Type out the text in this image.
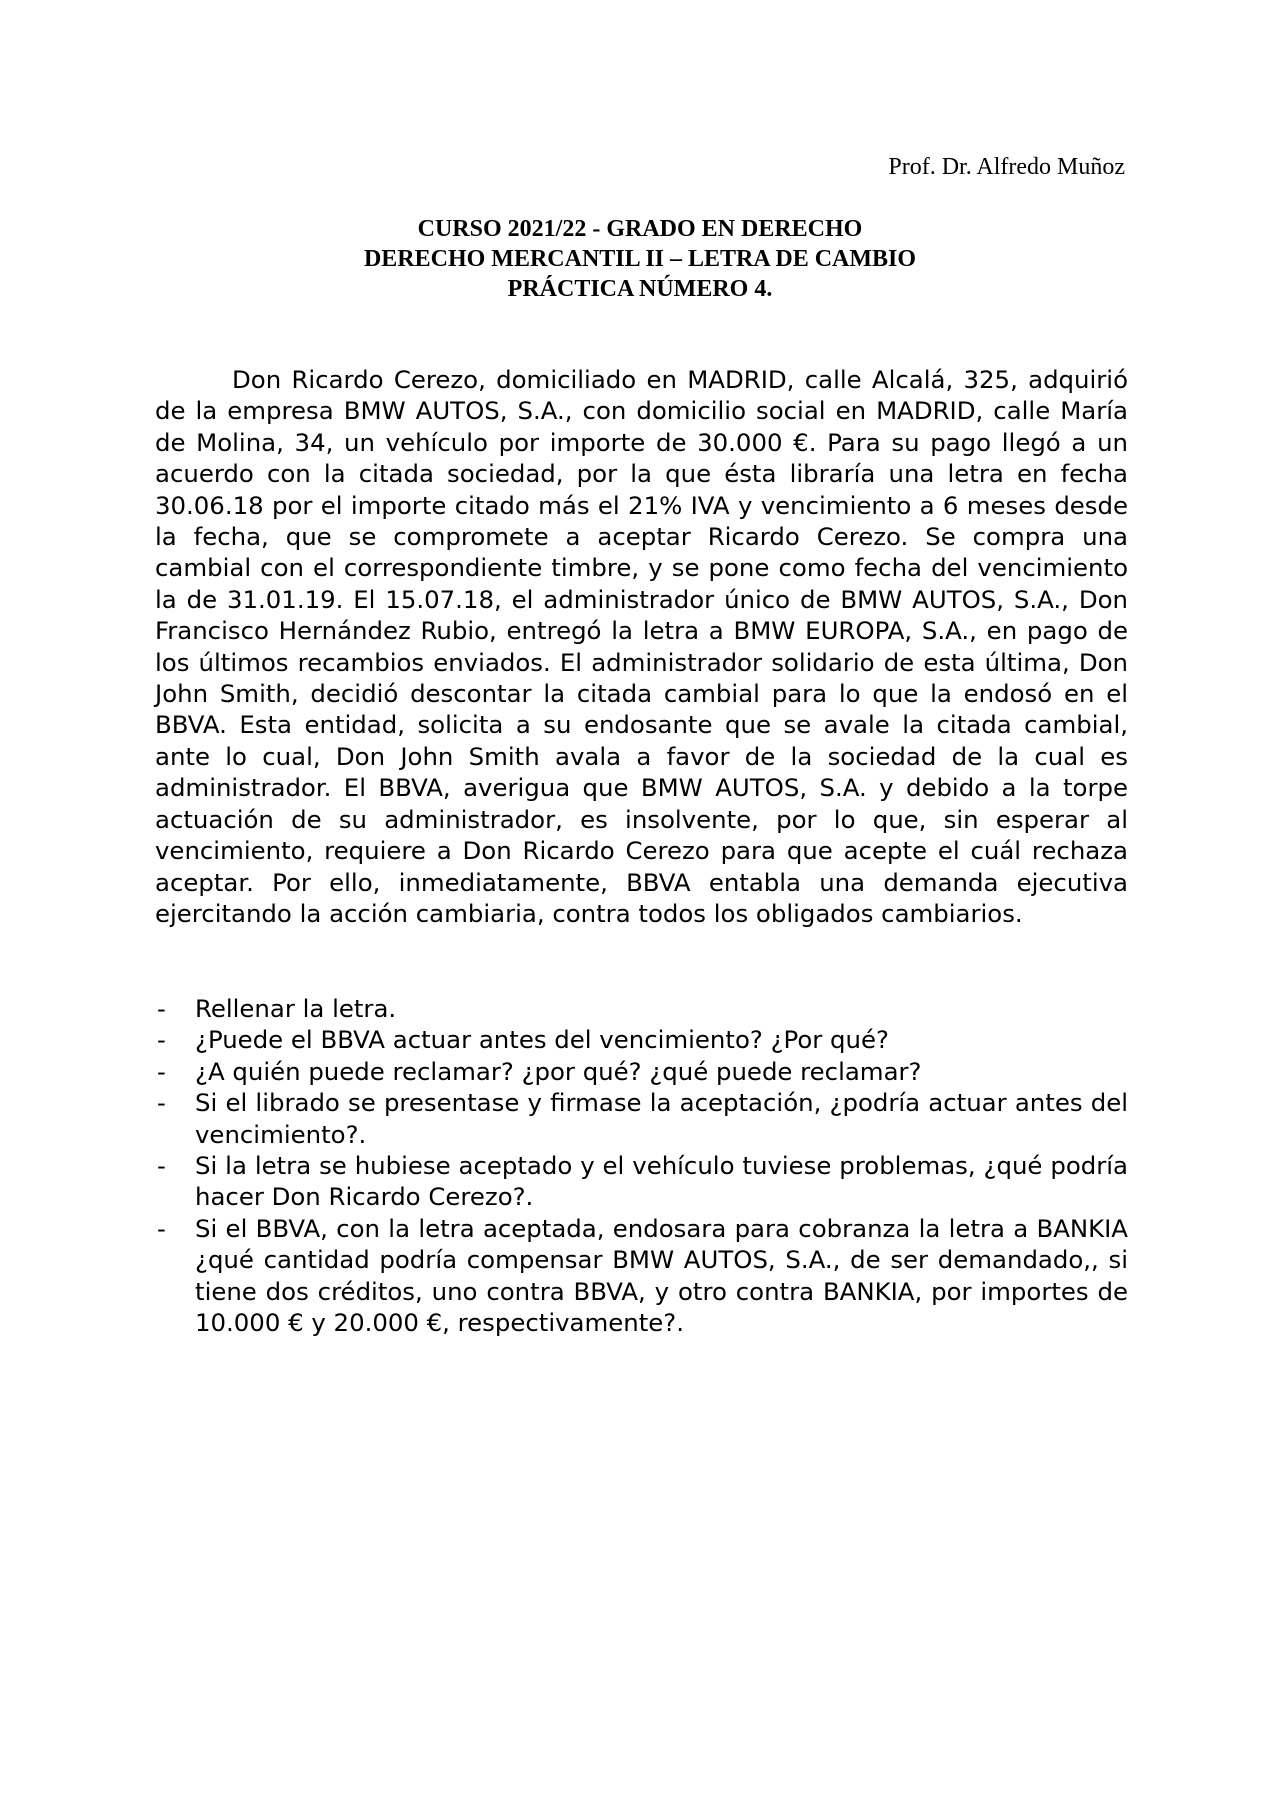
Prof. Dr. Alfredo Muñoz
CURSO 2021/22 - GRADO EN DERECHO
DERECHO MERCANTIL II – LETRA DE CAMBIO
PRÁCTICA NÚMERO 4.

Don Ricardo Cerezo, domiciliado en MADRID, calle Alcalá, 325, adquirió de la empresa BMW AUTOS, S.A., con domicilio social en MADRID, calle María de Molina, 34, un vehículo por importe de 30.000 €. Para su pago llegó a un acuerdo con la citada sociedad, por la que ésta libraría una letra en fecha 30.06.18 por el importe citado más el 21% IVA y vencimiento a 6 meses desde la fecha, que se compromete a aceptar Ricardo Cerezo. Se compra una cambial con el correspondiente timbre, y se pone como fecha del vencimiento la de 31.01.19. El 15.07.18, el administrador único de BMW AUTOS, S.A., Don Francisco Hernández Rubio, entregó la letra a BMW EUROPA, S.A., en pago de los últimos recambios enviados. El administrador solidario de esta última, Don John Smith, decidió descontar la citada cambial para lo que la endosó en el BBVA. Esta entidad, solicita a su endosante que se avale la citada cambial, ante lo cual, Don John Smith avala a favor de la sociedad de la cual es administrador. El BBVA, averigua que BMW AUTOS, S.A. y debido a la torpe actuación de su administrador, es insolvente, por lo que, sin esperar al vencimiento, requiere a Don Ricardo Cerezo para que acepte el cuál rechaza aceptar. Por ello, inmediatamente, BBVA entabla una demanda ejecutiva ejercitando la acción cambiaria, contra todos los obligados cambiarios.

- Rellenar la letra.
- ¿Puede el BBVA actuar antes del vencimiento? ¿Por qué?
- ¿A quién puede reclamar? ¿por qué? ¿qué puede reclamar?
- Si el librado se presentase y firmase la aceptación, ¿podría actuar antes del vencimiento?.
- Si la letra se hubiese aceptado y el vehículo tuviese problemas, ¿qué podría hacer Don Ricardo Cerezo?.
- Si el BBVA, con la letra aceptada, endosara para cobranza la letra a BANKIA ¿qué cantidad podría compensar BMW AUTOS, S.A., de ser demandado,, si tiene dos créditos, uno contra BBVA, y otro contra BANKIA, por importes de 10.000 € y 20.000 €, respectivamente?.
